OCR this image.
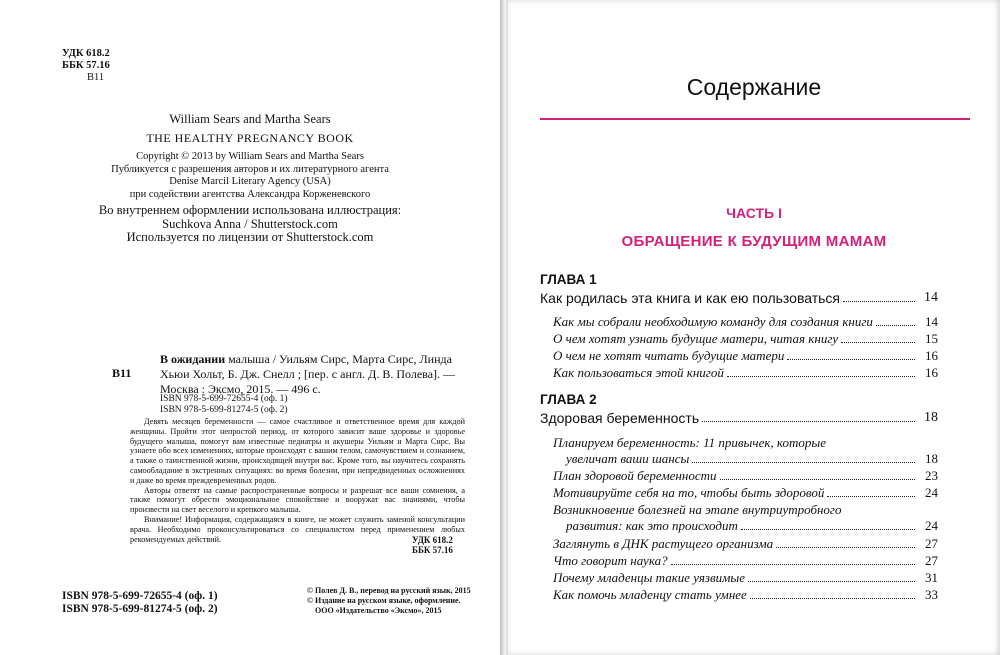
УДК 618.2
ББК 57.16
В11
William Sears and Martha Sears
THE HEALTHY PREGNANCY BOOK
Copyright © 2013 by William Sears and Martha Sears
Публикуется с разрешения авторов и их литературного агента
Denise Marcil Literary Agency (USA)
при содействии агентства Александра Корженевского
Во внутреннем оформлении использована иллюстрация:
Suchkova Anna / Shutterstock.com
Используется по лицензии от Shutterstock.com
В11
В ожидании малыша / Уильям Сирс, Марта Сирс, Линда Хьюи Хольт, Б. Дж. Снелл ; [пер. с англ. Д. В. Полева]. — Москва : Эксмо, 2015. — 496 с.
ISBN 978-5-699-72655-4 (оф. 1)
ISBN 978-5-699-81274-5 (оф. 2)

Девять месяцев беременности — самое счастливое и ответственное время для каждой женщины. Пройти этот непростой период, от которого зависит ваше здоровье и здоровье будущего малыша, помогут вам известные педиатры и акушеры Уильям и Марта Сирс. Вы узнаете обо всех изменениях, которые происходят с вашим телом, самочувствием и сознанием, а также о таинственной жизни, происходящей внутри вас. Кроме того, вы научитесь сохранять самообладание в экстренных ситуациях: во время болезни, при непредвиденных осложнениях и даже во время преждевременных родов.

Авторы ответят на самые распространенные вопросы и разрешат все ваши сомнения, а также помогут обрести эмоциональное спокойствие и вооружат вас знаниями, чтобы произвести на свет веселого и крепкого малыша.

Внимание! Информация, содержащаяся в книге, не может служить заменой консультации врача. Необходимо проконсультироваться со специалистом перед применением любых рекомендуемых действий.	УДК 618.2
ББК 57.16
ISBN 978-5-699-72655-4 (оф. 1)
ISBN 978-5-699-81274-5 (оф. 2)
© Полев Д. В., перевод на русский язык, 2015
© Издание на русском языке, оформление.
ООО «Издательство «Эксмо», 2015
Содержание
ЧАСТЬ I
ОБРАЩЕНИЕ К БУДУЩИМ МАМАМ
ГЛАВА 1
Как родилась эта книга и как ею пользоваться	14
Как мы собрали необходимую команду для создания книги	14
О чем хотят узнать будущие матери, читая книгу	15
О чем не хотят читать будущие матери	16
Как пользоваться этой книгой	16
ГЛАВА 2
Здоровая беременность	18
Планируем беременность: 11 привычек, которые
увеличат ваши шансы	18
План здоровой беременности	23
Мотивируйте себя на то, чтобы быть здоровой	24
Возникновение болезней на этапе внутриутробного
развития: как это происходит	24
Заглянуть в ДНК растущего организма	27
Что говорит наука?	27
Почему младенцы такие уязвимые	31
Как помочь младенцу стать умнее	33
